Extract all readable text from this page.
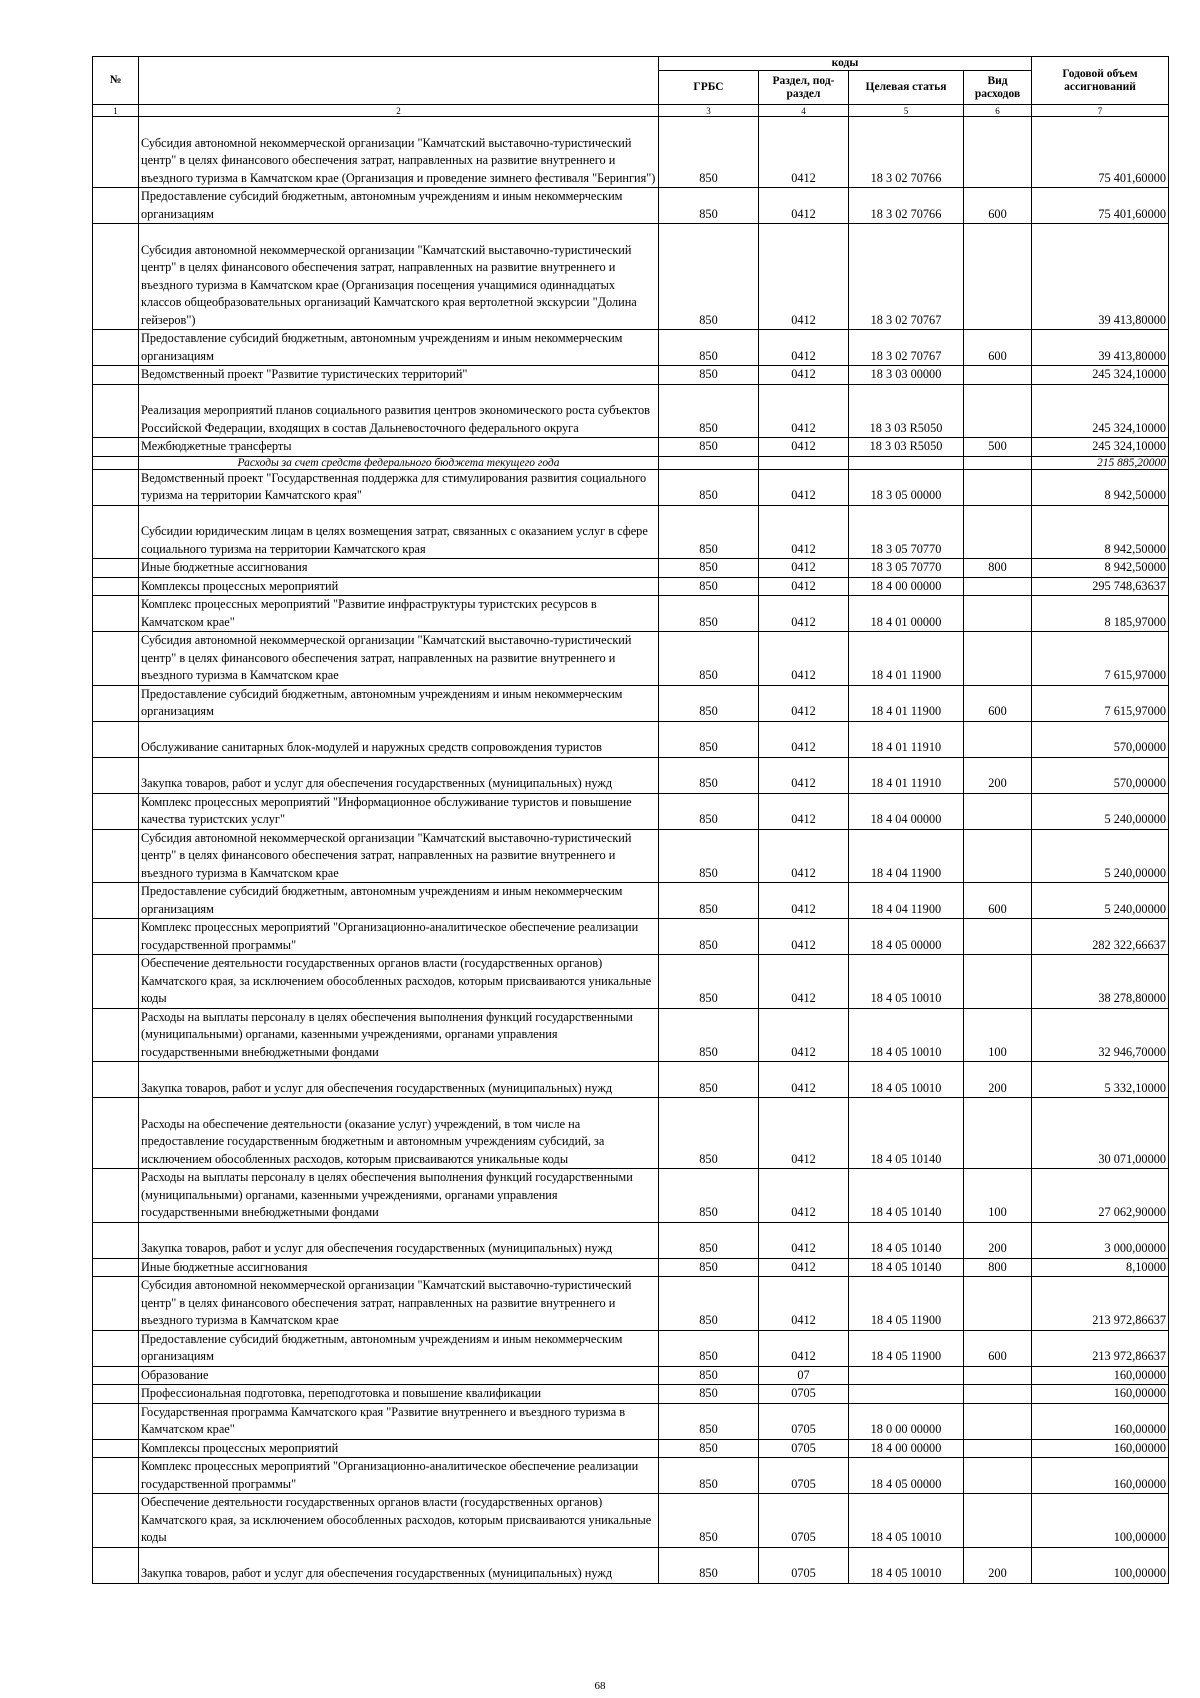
№		коды				Годовой объем ассигнований
		ГРБС	Раздел, под-раздел	Целевая статья	Вид расходов	
1	2	3	4	5	6	7
	Субсидия автономной некоммерческой организации "Камчатский выставочно-туристический центр" в целях финансового обеспечения затрат, направленных на развитие внутреннего и въездного туризма в Камчатском крае (Организация и проведение зимнего фестиваля "Берингия")	850	0412	18 3 02 70766		75 401,60000
	Предоставление субсидий бюджетным, автономным учреждениям и иным некоммерческим организациям	850	0412	18 3 02 70766	600	75 401,60000
	Субсидия автономной некоммерческой организации "Камчатский выставочно-туристический центр" в целях финансового обеспечения затрат, направленных на развитие внутреннего и въездного туризма в Камчатском крае (Организация посещения учащимися одиннадцатых классов общеобразовательных организаций Камчатского края вертолетной экскурсии "Долина гейзеров")	850	0412	18 3 02 70767		39 413,80000
	Предоставление субсидий бюджетным, автономным учреждениям и иным некоммерческим организациям	850	0412	18 3 02 70767	600	39 413,80000
	Ведомственный проект "Развитие туристических территорий"	850	0412	18 3 03 00000		245 324,10000
	Реализация мероприятий планов социального развития центров экономического роста субъектов Российской Федерации, входящих в состав Дальневосточного федерального округа	850	0412	18 3 03 R5050		245 324,10000
	Межбюджетные трансферты	850	0412	18 3 03 R5050	500	245 324,10000
	Расходы за счет средств федерального бюджета текущего года					215 885,20000
	Ведомственный проект "Государственная поддержка для стимулирования развития социального туризма на территории Камчатского края"	850	0412	18 3 05 00000		8 942,50000
	Субсидии юридическим лицам в целях возмещения затрат, связанных с оказанием услуг в сфере социального туризма на территории Камчатского края	850	0412	18 3 05 70770		8 942,50000
	Иные бюджетные ассигнования	850	0412	18 3 05 70770	800	8 942,50000
	Комплексы процессных мероприятий	850	0412	18 4 00 00000		295 748,63637
	Комплекс процессных мероприятий "Развитие инфраструктуры туристских ресурсов в Камчатском крае"	850	0412	18 4 01 00000		8 185,97000
	Субсидия автономной некоммерческой организации "Камчатский выставочно-туристический центр" в целях финансового обеспечения затрат, направленных на развитие внутреннего и въездного туризма в Камчатском крае	850	0412	18 4 01 11900		7 615,97000
	Предоставление субсидий бюджетным, автономным учреждениям и иным некоммерческим организациям	850	0412	18 4 01 11900	600	7 615,97000
	Обслуживание санитарных блок-модулей и наружных средств сопровождения туристов	850	0412	18 4 01 11910		570,00000
	Закупка товаров, работ и услуг для обеспечения государственных (муниципальных) нужд	850	0412	18 4 01 11910	200	570,00000
	Комплекс процессных мероприятий "Информационное обслуживание туристов и повышение качества туристских услуг"	850	0412	18 4 04 00000		5 240,00000
	Субсидия автономной некоммерческой организации "Камчатский выставочно-туристический центр" в целях финансового обеспечения затрат, направленных на развитие внутреннего и въездного туризма в Камчатском крае	850	0412	18 4 04 11900		5 240,00000
	Предоставление субсидий бюджетным, автономным учреждениям и иным некоммерческим организациям	850	0412	18 4 04 11900	600	5 240,00000
	Комплекс процессных мероприятий "Организационно-аналитическое обеспечение реализации государственной программы"	850	0412	18 4 05 00000		282 322,66637
	Обеспечение деятельности государственных органов власти (государственных органов) Камчатского края, за исключением обособленных расходов, которым присваиваются уникальные коды	850	0412	18 4 05 10010		38 278,80000
	Расходы на выплаты персоналу в целях обеспечения выполнения функций государственными (муниципальными) органами, казенными учреждениями, органами управления государственными внебюджетными фондами	850	0412	18 4 05 10010	100	32 946,70000
	Закупка товаров, работ и услуг для обеспечения государственных (муниципальных) нужд	850	0412	18 4 05 10010	200	5 332,10000
	Расходы на обеспечение деятельности (оказание услуг) учреждений, в том числе на предоставление государственным бюджетным и автономным учреждениям субсидий, за исключением обособленных расходов, которым присваиваются уникальные коды	850	0412	18 4 05 10140		30 071,00000
	Расходы на выплаты персоналу в целях обеспечения выполнения функций государственными (муниципальными) органами, казенными учреждениями, органами управления государственными внебюджетными фондами	850	0412	18 4 05 10140	100	27 062,90000
	Закупка товаров, работ и услуг для обеспечения государственных (муниципальных) нужд	850	0412	18 4 05 10140	200	3 000,00000
	Иные бюджетные ассигнования	850	0412	18 4 05 10140	800	8,10000
	Субсидия автономной некоммерческой организации "Камчатский выставочно-туристический центр" в целях финансового обеспечения затрат, направленных на развитие внутреннего и въездного туризма в Камчатском крае	850	0412	18 4 05 11900		213 972,86637
	Предоставление субсидий бюджетным, автономным учреждениям и иным некоммерческим организациям	850	0412	18 4 05 11900	600	213 972,86637
	Образование	850	07			160,00000
	Профессиональная подготовка, переподготовка и повышение квалификации	850	0705			160,00000
	Государственная программа Камчатского края "Развитие внутреннего и въездного туризма в Камчатском крае"	850	0705	18 0 00 00000		160,00000
	Комплексы процессных мероприятий	850	0705	18 4 00 00000		160,00000
	Комплекс процессных мероприятий "Организационно-аналитическое обеспечение реализации государственной программы"	850	0705	18 4 05 00000		160,00000
	Обеспечение деятельности государственных органов власти (государственных органов) Камчатского края, за исключением обособленных расходов, которым присваиваются уникальные коды	850	0705	18 4 05 10010		100,00000
	Закупка товаров, работ и услуг для обеспечения государственных (муниципальных) нужд	850	0705	18 4 05 10010	200	100,00000
68
